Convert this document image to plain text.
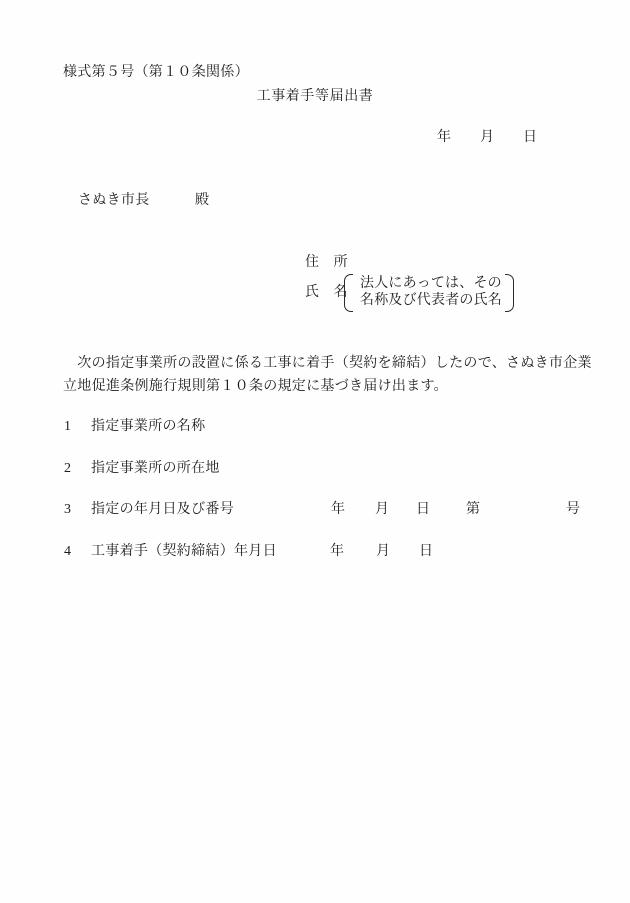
様式第５号（第１０条関係）
工事着手等届出書
年 月 日
さぬき市長	殿
住　所
氏　名
法人にあっては、その
名称及び代表者の氏名
　次の指定事業所の設置に係る工事に着手（契約を締結）したので、さぬき市企業
立地促進条例施行規則第１０条の規定に基づき届け出ます。
1 指定事業所の名称
2 指定事業所の所在地
3 指定の年月日及び番号	年 月 日	第	号
4 工事着手（契約締結）年月日	年 月 日
